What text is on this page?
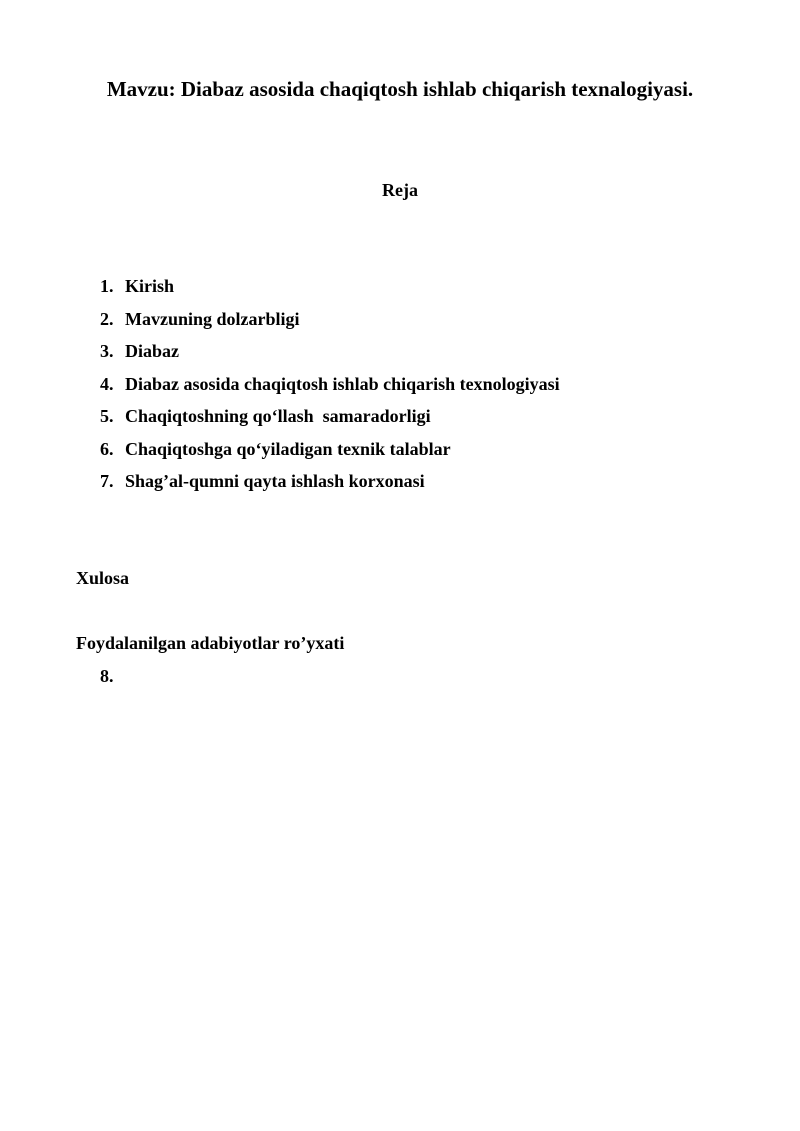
Mavzu: Diabaz asosida chaqiqtosh ishlab chiqarish texnalogiyasi.
Reja
1. Kirish
2. Mavzuning dolzarbligi
3. Diabaz
4. Diabaz asosida chaqiqtosh ishlab chiqarish texnologiyasi
5. Chaqiqtoshning qo‘llash  samaradorligi
6. Chaqiqtoshga qo‘yiladigan texnik talablar
7. Shag’al-qumni qayta ishlash korxonasi
Xulosa
Foydalanilgan adabiyotlar ro’yxati
8.
